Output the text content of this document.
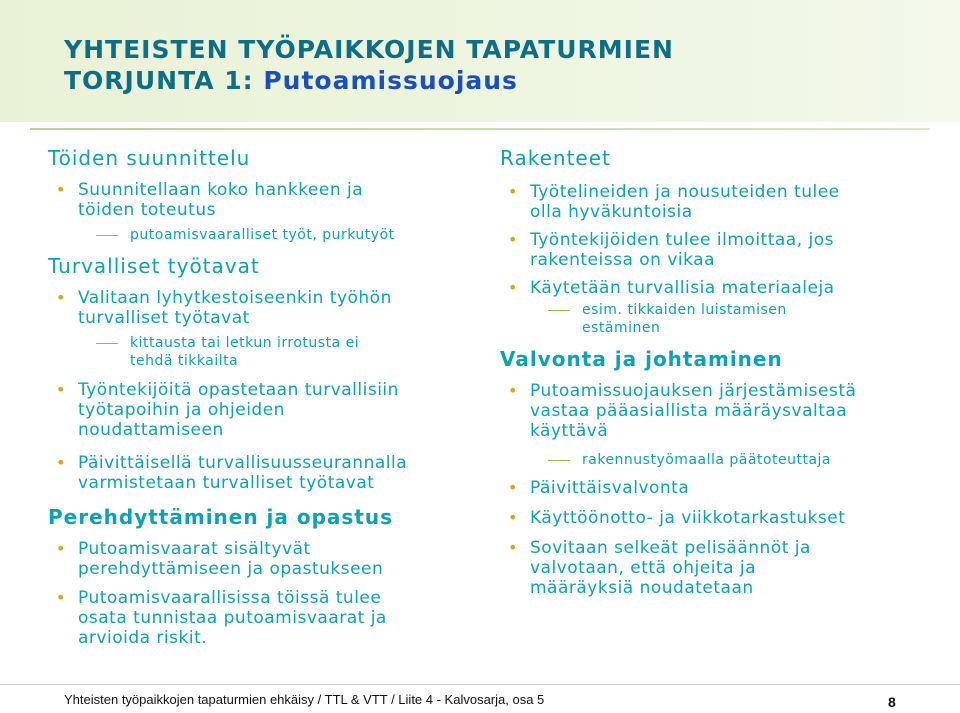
YHTEISTEN TYÖPAIKKOJEN TAPATURMIEN
TORJUNTA 1: Putoamissuojaus
Töiden suunnittelu
• Suunnitellaan koko hankkeen ja
töiden toteutus
putoamisvaaralliset työt, purkutyöt
Turvalliset työtavat
• Valitaan lyhytkestoiseenkin työhön
turvalliset työtavat
kittausta tai letkun irrotusta ei
tehdä tikkailta
• Työntekijöitä opastetaan turvallisiin
työtapoihin ja ohjeiden
noudattamiseen
• Päivittäisellä turvallisuusseurannalla
varmistetaan turvalliset työtavat
Perehdyttäminen ja opastus
• Putoamisvaarat sisältyvät
perehdyttämiseen ja opastukseen
• Putoamisvaarallisissa töissä tulee
osata tunnistaa putoamisvaarat ja
arvioida riskit.
Rakenteet
• Työtelineiden ja nousuteiden tulee
olla hyväkuntoisia
• Työntekijöiden tulee ilmoittaa, jos
rakenteissa on vikaa
• Käytetään turvallisia materiaaleja
esim. tikkaiden luistamisen
estäminen
Valvonta ja johtaminen
• Putoamissuojauksen järjestämisestä
vastaa pääasiallista määräysvaltaa
käyttävä
rakennustyömaalla päätoteuttaja
• Päivittäisvalvonta
• Käyttöönotto- ja viikkotarkastukset
• Sovitaan selkeät pelisäännöt ja
valvotaan, että ohjeita ja
määräyksiä noudatetaan
Yhteisten työpaikkojen tapaturmien ehkäisy / TTL & VTT / Liite 4 - Kalvosarja, osa 5	8
